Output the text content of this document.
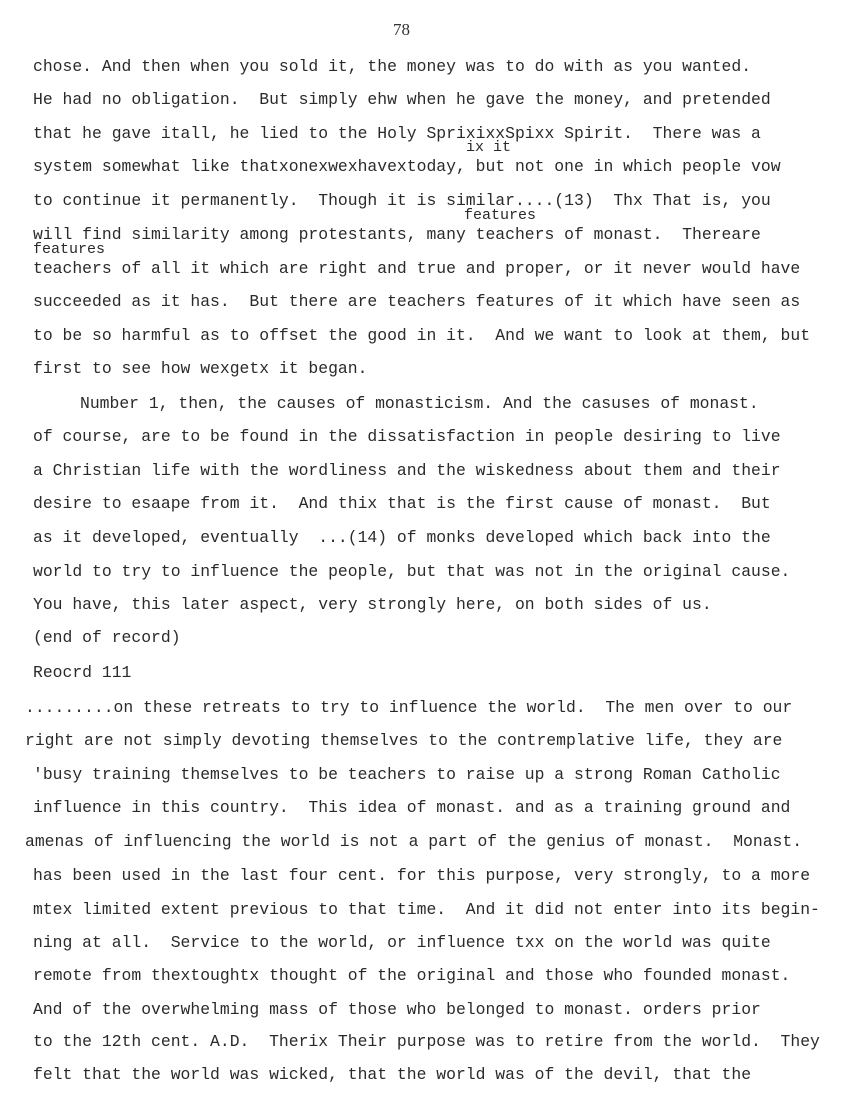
78
ix it
features
features
chose. And then when you sold it, the money was to do with as you wanted.
He had no obligation.  But simply ehw when he gave the money, and pretended
that he gave itall, he lied to the Holy SprixixxSpixx Spirit.  There was a
system somewhat like thatxonexwexhavextoday, but not one in which people vow
to continue it permanently.  Though it is similar....(13)  Thx That is, you
will find similarity among protestants, many teachers of monast.  Thereare
teachers of all it which are right and true and proper, or it never would have
succeeded as it has.  But there are teachers features of it which have seen as
to be so harmful as to offset the good in it.  And we want to look at them, but
first to see how wexgetx it began.
Number 1, then, the causes of monasticism. And the casuses of monast.
of course, are to be found in the dissatisfaction in people desiring to live
a Christian life with the wordliness and the wiskedness about them and their
desire to esaape from it.  And thix that is the first cause of monast.  But
as it developed, eventually  ...(14) of monks developed which back into the
world to try to influence the people, but that was not in the original cause.
You have, this later aspect, very strongly here, on both sides of us.
(end of record)
Reocrd 111
.........on these retreats to try to influence the world.  The men over to our
right are not simply devoting themselves to the contremplative life, they are
'busy training themselves to be teachers to raise up a strong Roman Catholic
influence in this country.  This idea of monast. and as a training ground and
amenas of influencing the world is not a part of the genius of monast.  Monast.
has been used in the last four cent. for this purpose, very strongly, to a more
mtex limited extent previous to that time.  And it did not enter into its begin-
ning at all.  Service to the world, or influence txx on the world was quite
remote from thextoughtx thought of the original and those who founded monast.
And of the overwhelming mass of those who belonged to monast. orders prior
to the 12th cent. A.D.  Therix Their purpose was to retire from the world.  They
felt that the world was wicked, that the world was of the devil, that the
